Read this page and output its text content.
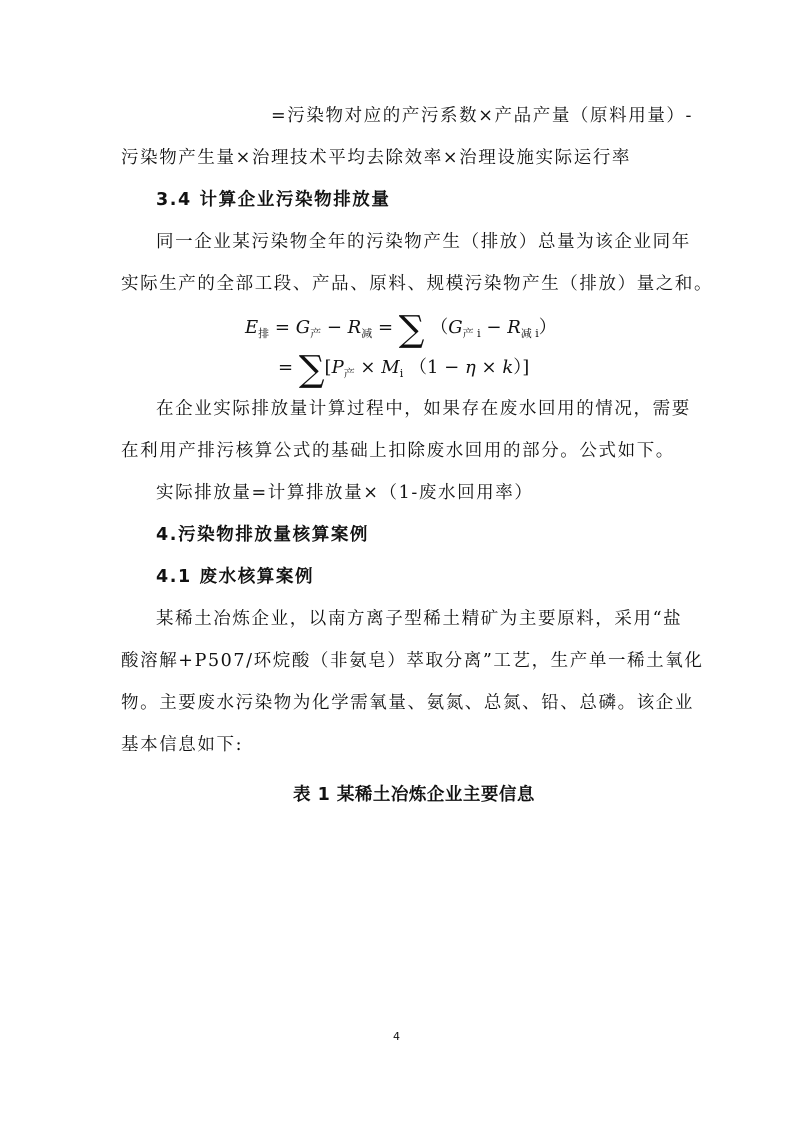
=污染物对应的产污系数×产品产量（原料用量）-
污染物产生量×治理技术平均去除效率×治理设施实际运行率
3.4 计算企业污染物排放量
同一企业某污染物全年的污染物产生（排放）总量为该企业同年
实际生产的全部工段、产品、原料、规模污染物产生（排放）量之和。
$E_排 = G_产 - R_减$ = ∑ $(G_{产 i} - R_{减 i})$
= $\sum[P_产 \times M_i$ （1 − η × k）]
在企业实际排放量计算过程中，如果存在废水回用的情况，需要
在利用产排污核算公式的基础上扣除废水回用的部分。公式如下。
实际排放量=计算排放量×（1-废水回用率）
4.污染物排放量核算案例
4.1 废水核算案例
某稀土冶炼企业，以南方离子型稀土精矿为主要原料，采用“盐
酸溶解+P507/环烷酸（非氨皂）萃取分离”工艺，生产单一稀土氧化
物。主要废水污染物为化学需氧量、氨氮、总氮、铅、总磷。该企业
基本信息如下:
表 1 某稀土冶炼企业主要信息
4
